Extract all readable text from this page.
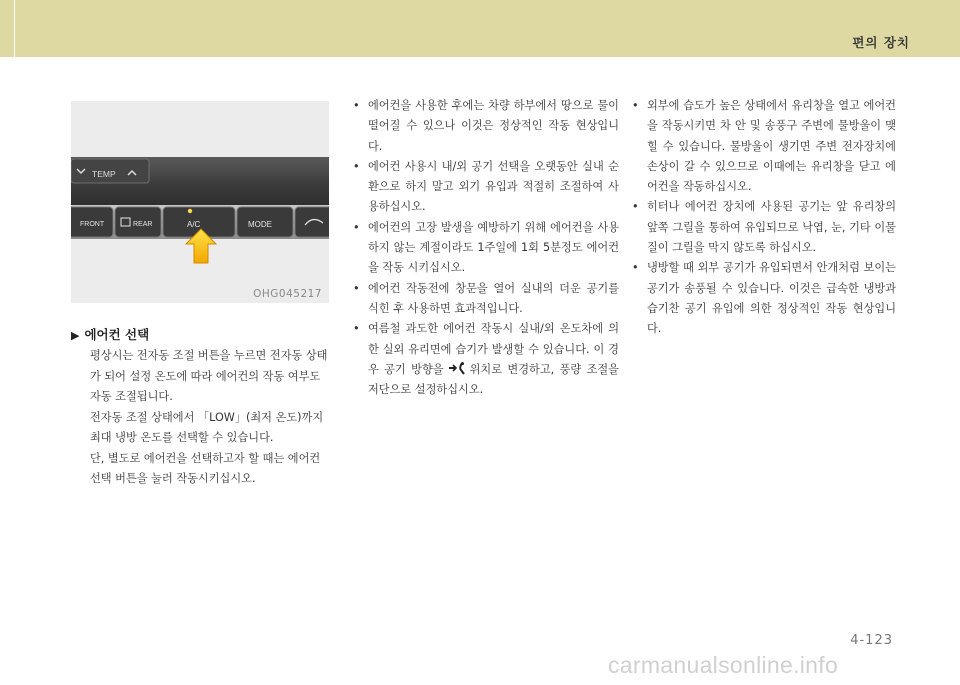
편의 장치
TEMP
FRONT	REAR	A/C	MODE
OHG045217
▶ 에어컨 선택

평상시는 전자동 조절 버튼을 누르면 전자동 상태가 되어 설정 온도에 따라 에어컨의 작동 여부도 자동 조절됩니다.

전자동 조절 상태에서 「LOW」(최저 온도)까지 최대 냉방 온도를 선택할 수 있습니다.

단, 별도로 에어컨을 선택하고자 할 때는 에어컨 선택 버튼을 눌러 작동시키십시오.

• 에어컨을 사용한 후에는 차량 하부에서 땅으로 물이 떨어질 수 있으나 이것은 정상적인 작동 현상입니다.
• 에어컨 사용시 내/외 공기 선택을 오랫동안 실내 순환으로 하지 말고 외기 유입과 적절히 조절하여 사용하십시오.
• 에어컨의 고장 발생을 예방하기 위해 에어컨을 사용하지 않는 계절이라도 1주일에 1회 5분정도 에어컨을 작동 시키십시오.
• 에어컨 작동전에 창문을 열어 실내의 더운 공기를 식힌 후 사용하면 효과적입니다.
• 여름철 과도한 에어컨 작동시 실내/외 온도차에 의한 실외 유리면에 습기가 발생할 수 있습니다. 이 경우 공기 방향을 위치로 변경하고, 풍량 조절을 저단으로 설정하십시오.
• 외부에 습도가 높은 상태에서 유리창을 열고 에어컨을 작동시키면 차 안 및 송풍구 주변에 물방울이 맺힐 수 있습니다. 물방울이 생기면 주변 전자장치에 손상이 갈 수 있으므로 이때에는 유리창을 닫고 에어컨을 작동하십시오.
• 히터나 에어컨 장치에 사용된 공기는 앞 유리창의 앞쪽 그릴을 통하여 유입되므로 낙엽, 눈, 기타 이물질이 그릴을 막지 않도록 하십시오.
• 냉방할 때 외부 공기가 유입되면서 안개처럼 보이는 공기가 송풍될 수 있습니다. 이것은 급속한 냉방과 습기찬 공기 유입에 의한 정상적인 작동 현상입니다.
4-123
carmanualsonline.info
